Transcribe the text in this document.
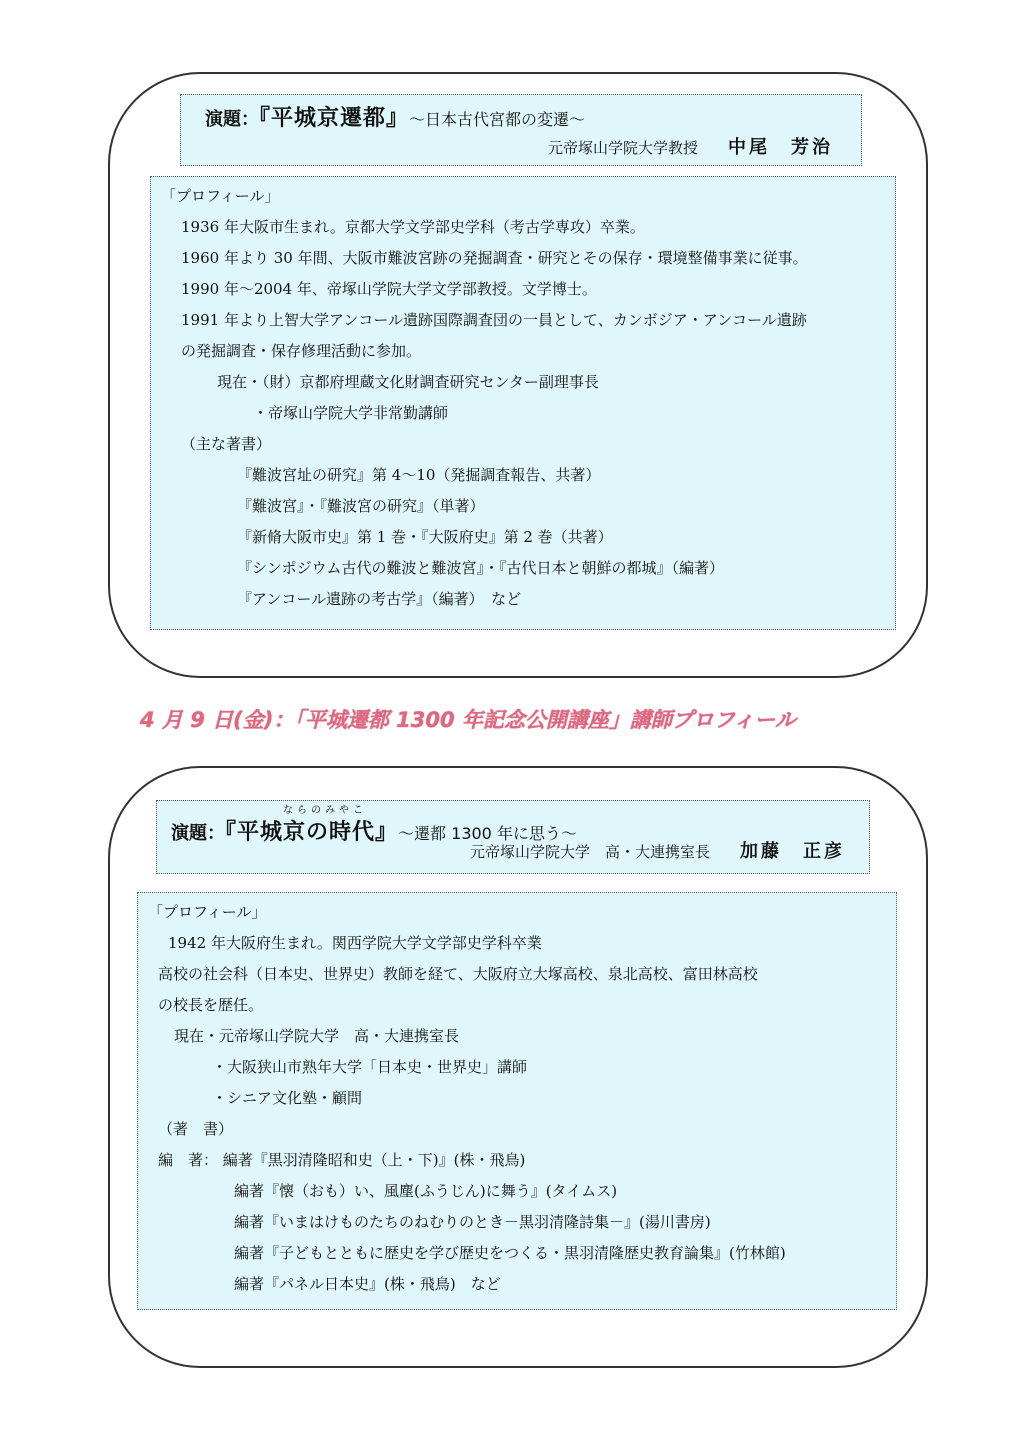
演題：『平城京遷都』～日本古代宮都の変遷～
元帝塚山学院大学教授 中尾　芳治

「プロフィール」

1936 年大阪市生まれ。京都大学文学部史学科（考古学専攻）卒業。

1960 年より 30 年間、大阪市難波宮跡の発掘調査・研究とその保存・環境整備事業に従事。

1990 年～2004 年、帝塚山学院大学文学部教授。文学博士。

1991 年より上智大学アンコール遺跡国際調査団の一員として、カンボジア・アンコール遺跡

の発掘調査・保存修理活動に参加。

現在・（財）京都府埋蔵文化財調査研究センター副理事長

・帝塚山学院大学非常勤講師

（主な著書）

『難波宮址の研究』第 4～10（発掘調査報告、共著）

『難波宮』・『難波宮の研究』（単著）

『新脩大阪市史』第 1 巻・『大阪府史』第 2 巻（共著）

『シンポジウム古代の難波と難波宮』・『古代日本と朝鮮の都城』（編著）

『アンコール遺跡の考古学』（編著）　など

4 月 9 日(金)：「平城遷都 1300 年記念公開講座」講師プロフィール
演題：『平城
ならのみやこ
京の時代』～遷都 1300 年に思う～
元帝塚山学院大学　高・大連携室長 加藤　正彦

「プロフィール」

1942 年大阪府生まれ。関西学院大学文学部史学科卒業

高校の社会科（日本史、世界史）教師を経て、大阪府立大塚高校、泉北高校、富田林高校

の校長を歴任。

現在・元帝塚山学院大学　高・大連携室長

・大阪狭山市熟年大学「日本史・世界史」講師

・シニア文化塾・顧問

（著　書）

編　著： 編著『黒羽清隆昭和史（上・下)』(株・飛鳥)

編著『懐（おも）い、風塵(ふうじん)に舞う』(タイムス)

編著『いまはけものたちのねむりのとき－黒羽清隆詩集－』(湯川書房)

編著『子どもとともに歴史を学び歴史をつくる・黒羽清隆歴史教育論集』(竹林館)

編著『パネル日本史』(株・飛鳥)　など
